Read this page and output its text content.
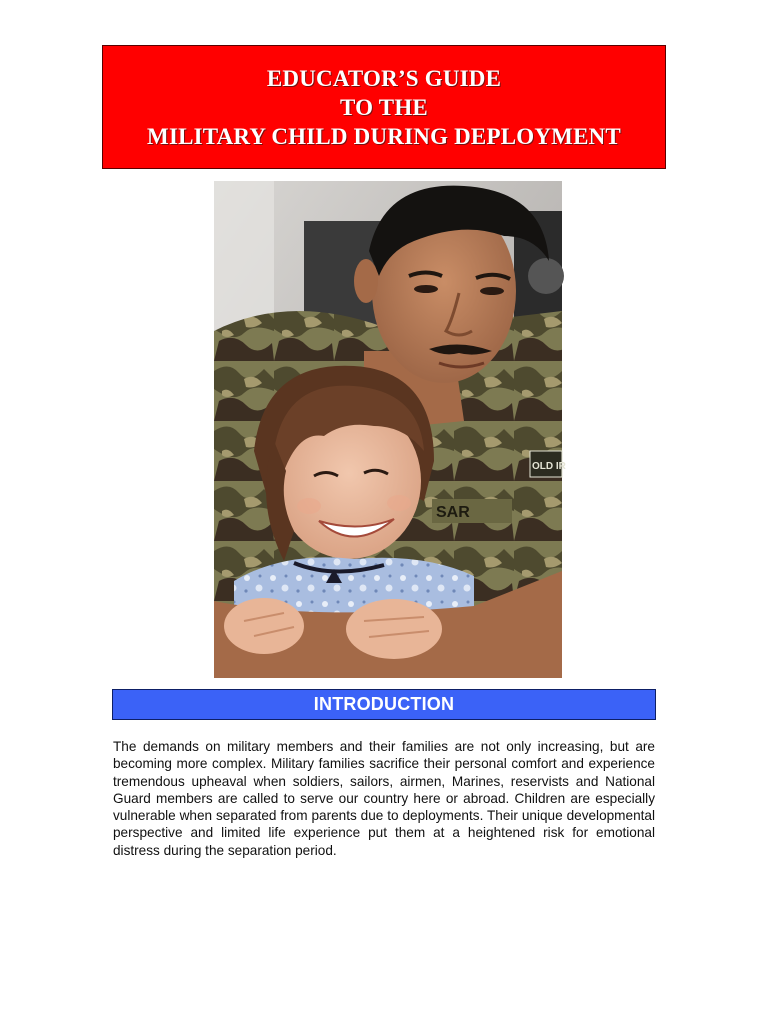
EDUCATOR’S GUIDE
TO THE
MILITARY CHILD DURING DEPLOYMENT
OLD IR
SAR
INTRODUCTION

The demands on military members and their families are not only increasing, but are becoming more complex. Military families sacrifice their personal comfort and experience tremendous upheaval when soldiers, sailors, airmen, Marines, reservists and National Guard members are called to serve our country here or abroad. Children are especially vulnerable when separated from parents due to deployments. Their unique developmental perspective and limited life experience put them at a heightened risk for emotional distress during the separation period.
